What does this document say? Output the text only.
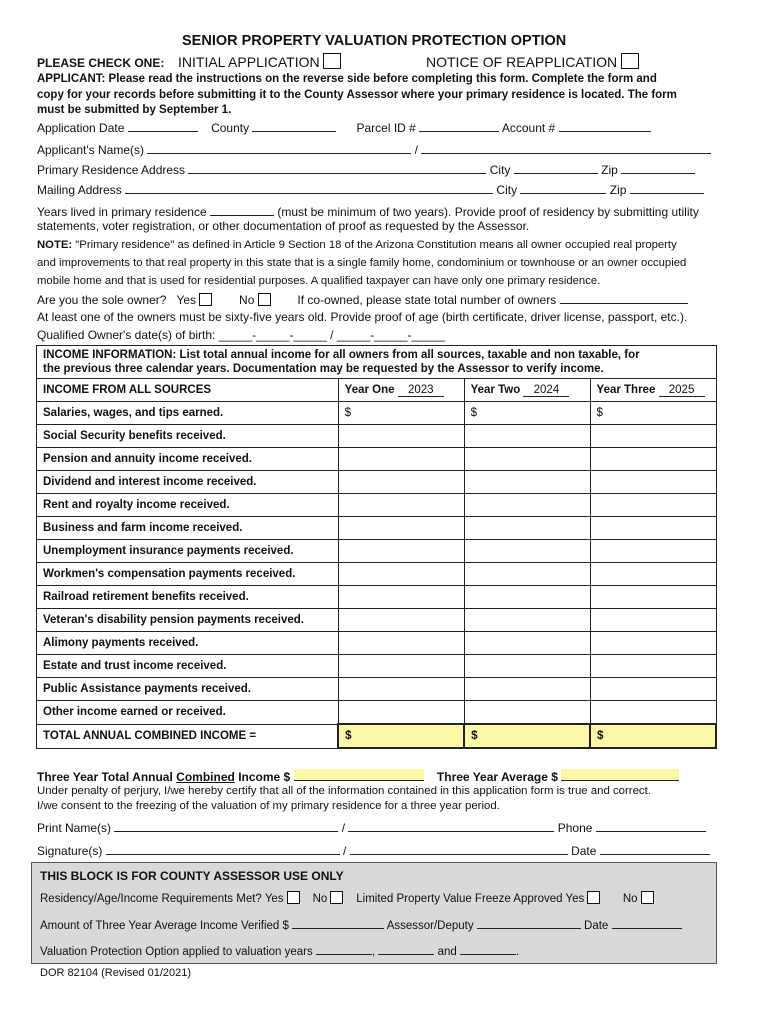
SENIOR PROPERTY VALUATION PROTECTION OPTION
PLEASE CHECK ONE: INITIAL APPLICATION	NOTICE OF REAPPLICATION
APPLICANT: Please read the instructions on the reverse side before completing this form. Complete the form and
copy for your records before submitting it to the County Assessor where your primary residence is located. The form
must be submitted by September 1.
Application Date	County	Parcel ID #	Account #
Applicant's Name(s)	/
Primary Residence Address	City	Zip
Mailing Address	City	Zip
Years lived in primary residence	(must be minimum of two years). Provide proof of residency by submitting utility
statements, voter registration, or other documentation of proof as requested by the Assessor.
NOTE: "Primary residence" as defined in Article 9 Section 18 of the Arizona Constitution means all owner occupied real property
and improvements to that real property in this state that is a single family home, condominium or townhouse or an owner occupied
mobile home and that is used for residential purposes. A qualified taxpayer can have only one primary residence.
Are you the sole owner? Yes	No	If co-owned, please state total number of owners
At least one of the owners must be sixty-five years old. Provide proof of age (birth certificate, driver license, passport, etc.).
Qualified Owner's date(s) of birth: _____-_____-_____ / _____-_____-_____
INCOME INFORMATION: List total annual income for all owners from all sources, taxable and non taxable, for
the previous three calendar years. Documentation may be requested by the Assessor to verify income.			

INCOME FROM ALL SOURCES	Year One 2023	Year Two 2024	Year Three 2025
Salaries, wages, and tips earned.	$	$	$
Social Security benefits received.			
Pension and annuity income received.			
Dividend and interest income received.			
Rent and royalty income received.			
Business and farm income received.			
Unemployment insurance payments received.			
Workmen's compensation payments received.			
Railroad retirement benefits received.			
Veteran's disability pension payments received.			
Alimony payments received.			
Estate and trust income received.			
Public Assistance payments received.			
Other income earned or received.			
TOTAL ANNUAL COMBINED INCOME =	$	$	$
Three Year Total Annual Combined Income $	Three Year Average $
Under penalty of perjury, I/we hereby certify that all of the information contained in this application form is true and correct.
I/we consent to the freezing of the valuation of my primary residence for a three year period.
Print Name(s)	/	Phone
Signature(s)	/	Date
THIS BLOCK IS FOR COUNTY ASSESSOR USE ONLY
Residency/Age/Income Requirements Met? Yes	No	Limited Property Value Freeze Approved Yes	No
Amount of Three Year Average Income Verified $	Assessor/Deputy	Date
Valuation Protection Option applied to valuation years	,	and	.
DOR 82104 (Revised 01/2021)
